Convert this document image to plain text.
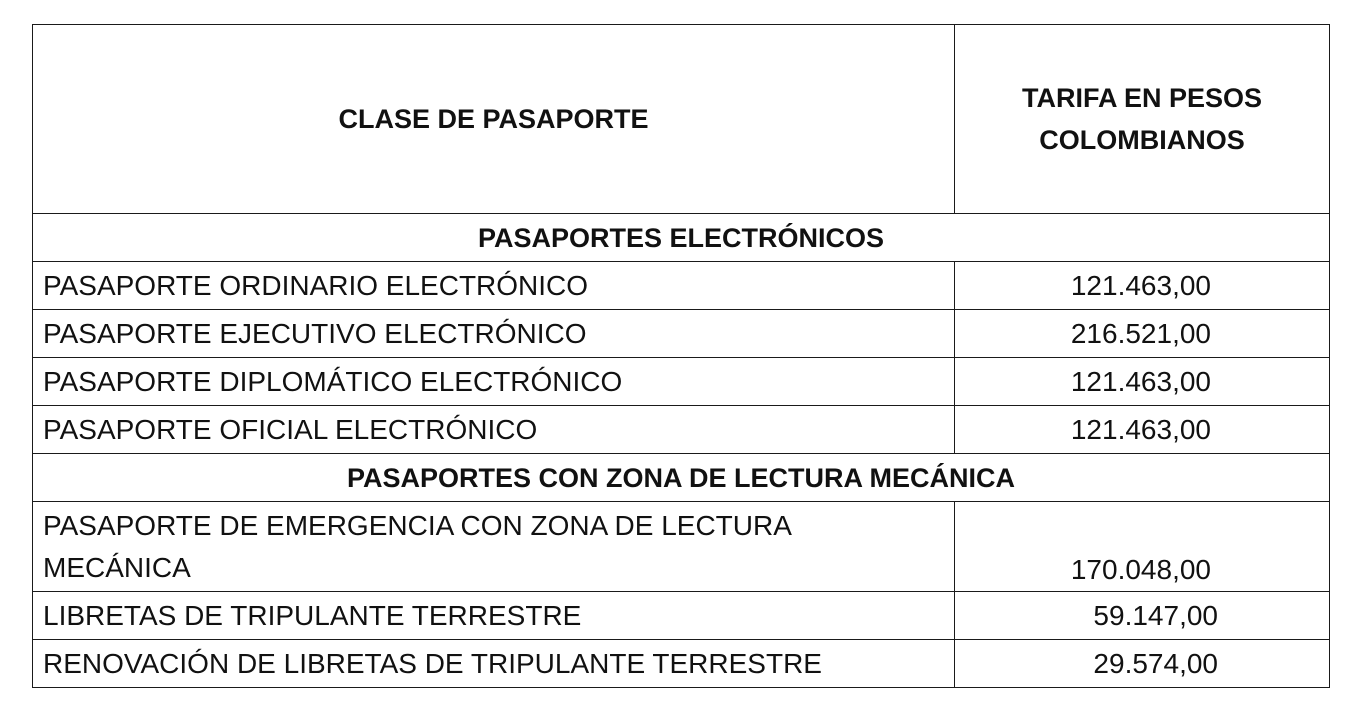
CLASE DE PASAPORTE	TARIFA EN PESOS COLOMBIANOS
PASAPORTES ELECTRÓNICOS	
PASAPORTE ORDINARIO ELECTRÓNICO	121.463,00
PASAPORTE EJECUTIVO ELECTRÓNICO	216.521,00
PASAPORTE DIPLOMÁTICO ELECTRÓNICO	121.463,00
PASAPORTE OFICIAL ELECTRÓNICO	121.463,00
PASAPORTES CON ZONA DE LECTURA MECÁNICA	
PASAPORTE DE EMERGENCIA CON ZONA DE LECTURA MECÁNICA	170.048,00
LIBRETAS DE TRIPULANTE TERRESTRE	59.147,00
RENOVACIÓN DE LIBRETAS DE TRIPULANTE TERRESTRE	29.574,00
